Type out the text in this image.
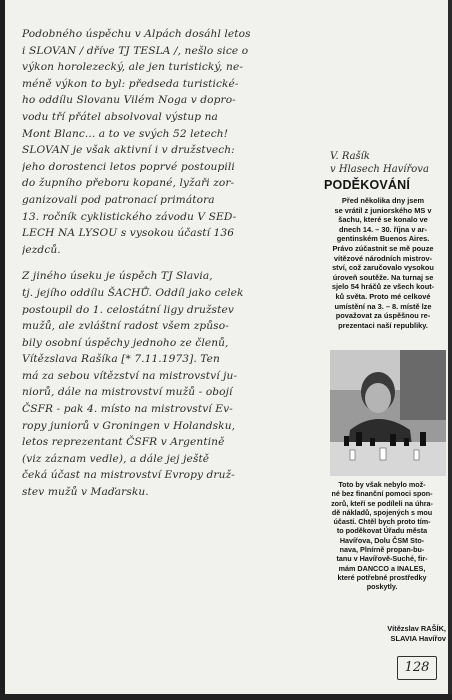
Podobného úspěchu v Alpách dosáhl letos
i SLOVAN / dříve TJ TESLA /, nešlo sice o
výkon horolezecký, ale jen turistický, ne-
méně výkon to byl: předseda turistické-
ho oddílu Slovanu Vilém Noga v dopro-
vodu tří přátel absolvoval výstup na
Mont Blanc... a to ve svých 52 letech!
SLOVAN je však aktivní i v družstvech:
jeho dorostenci letos poprvé postoupili
do župního přeboru kopané, lyžaři zor-
ganizovali pod patronací primátora
13. ročník cyklistického závodu V SED-
LECH NA LYSOU s vysokou účastí 136
jezdců.
Z jiného úseku je úspěch TJ Slavia,
tj. jejího oddílu ŠACHŮ. Oddíl jako celek
postoupil do 1. celostátní ligy družstev
mužů, ale zvláštní radost všem způso-
bily osobní úspěchy jednoho ze členů,
Vítězslava Rašíka [* 7.11.1973]. Ten
má za sebou vítězství na mistrovství ju-
niorů, dále na mistrovství mužů - obojí
ČSFR - pak 4. místo na mistrovství Ev-
ropy juniorů v Groningen v Holandsku,
letos reprezentant ČSFR v Argentině
(viz záznam vedle), a dále jej ještě
čeká účast na mistrovství Evropy druž-
stev mužů v Maďarsku.
V. Rašík
v Hlasech Havířova
PODĚKOVÁNÍ
Před několika dny jsem
se vrátil z juniorského MS v
šachu, které se konalo ve
dnech 14. – 30. října v ar-
gentinském Buenos Aires.
Právo zúčastnit se mě pouze
vítězové národních mistrov-
ství, což zaručovalo vysokou
úroveň soutěže. Na turnaj se
sjelo 54 hráčů ze všech kout-
ků světa. Proto mé celkové
umístění na 3. – 8. místě lze
považovat za úspěšnou re-
prezentaci naší republiky.
Toto by však nebylo mož-
né bez finanční pomoci spon-
zorů, kteří se podíleli na úhra-
dě nákladů, spojených s mou
účastí. Chtěl bych proto tím-
to poděkovat Úřadu města
Havířova, Dolu ČSM Sto-
nava, Plnírně propan-bu-
tanu v Havířově-Suché, fir-
mám DANCCO a INALES,
které potřebné prostředky
poskytly.
Vítězslav RAŠÍK,
SLAVIA Havířov
128
